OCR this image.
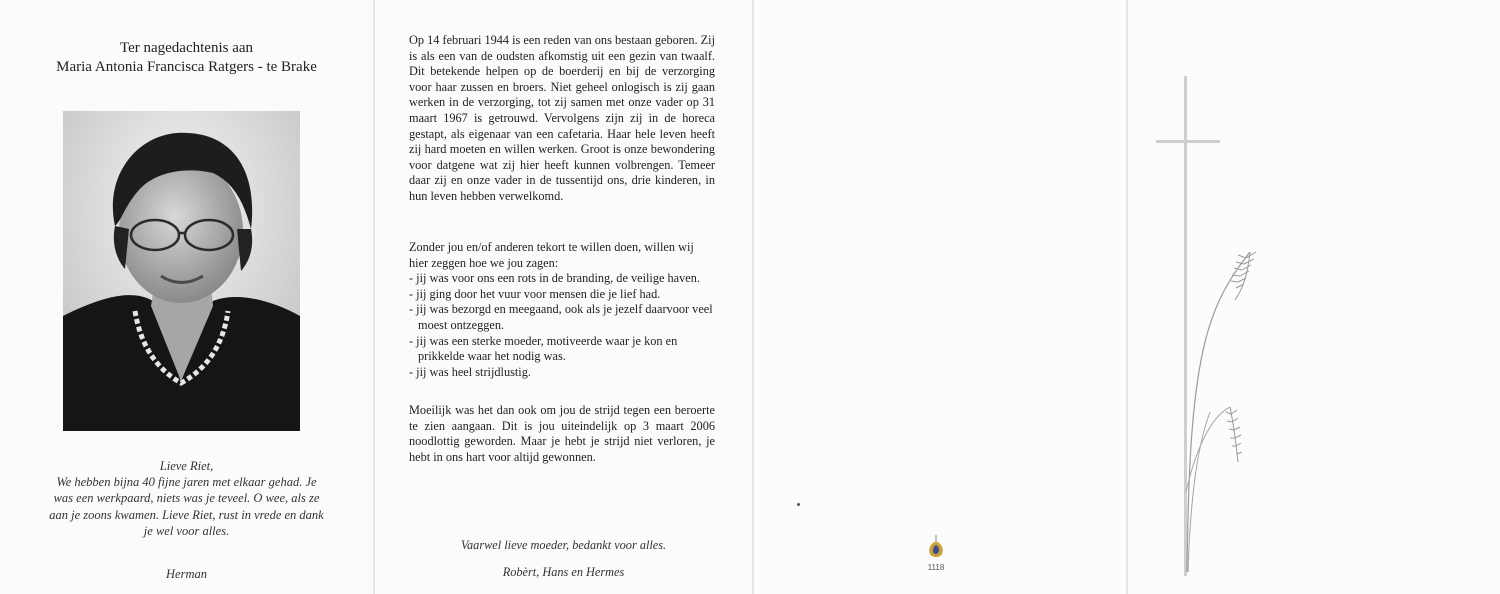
Ter nagedachtenis aan
Maria Antonia Francisca Ratgers - te Brake
Lieve Riet,
We hebben bijna 40 fijne jaren met elkaar gehad. Je
was een werkpaard, niets was je teveel. O wee, als ze
aan je zoons kwamen. Lieve Riet, rust in vrede en dank
je wel voor alles.
Herman

Op 14 februari 1944 is een reden van ons bestaan geboren. Zij is als een van de oudsten afkomstig uit een gezin van twaalf. Dit betekende helpen op de boerderij en bij de verzorging voor haar zussen en broers. Niet geheel onlogisch is zij gaan werken in de verzorging, tot zij samen met onze vader op 31 maart 1967 is getrouwd. Vervolgens zijn zij in de horeca gestapt, als eigenaar van een cafetaria. Haar hele leven heeft zij hard moeten en willen werken. Groot is onze bewondering voor datgene wat zij hier heeft kunnen volbrengen. Temeer daar zij en onze vader in de tussentijd ons, drie kinderen, in hun leven hebben verwelkomd.

Zonder jou en/of anderen tekort te willen doen, willen wij

hier zeggen hoe we jou zagen:

- jij was voor ons een rots in de branding, de veilige haven.
- jij ging door het vuur voor mensen die je lief had.
- jij was bezorgd en meegaand, ook als je jezelf daarvoor veel moest ontzeggen.
- jij was een sterke moeder, motiveerde waar je kon en prikkelde waar het nodig was.
- jij was heel strijdlustig.

Moeilijk was het dan ook om jou de strijd tegen een beroerte te zien aangaan. Dit is jou uiteindelijk op 3 maart 2006 noodlottig geworden. Maar je hebt je strijd niet verloren, je hebt in ons hart voor altijd gewonnen.

Vaarwel lieve moeder, bedankt voor alles.
Robèrt, Hans en Hermes	1118
